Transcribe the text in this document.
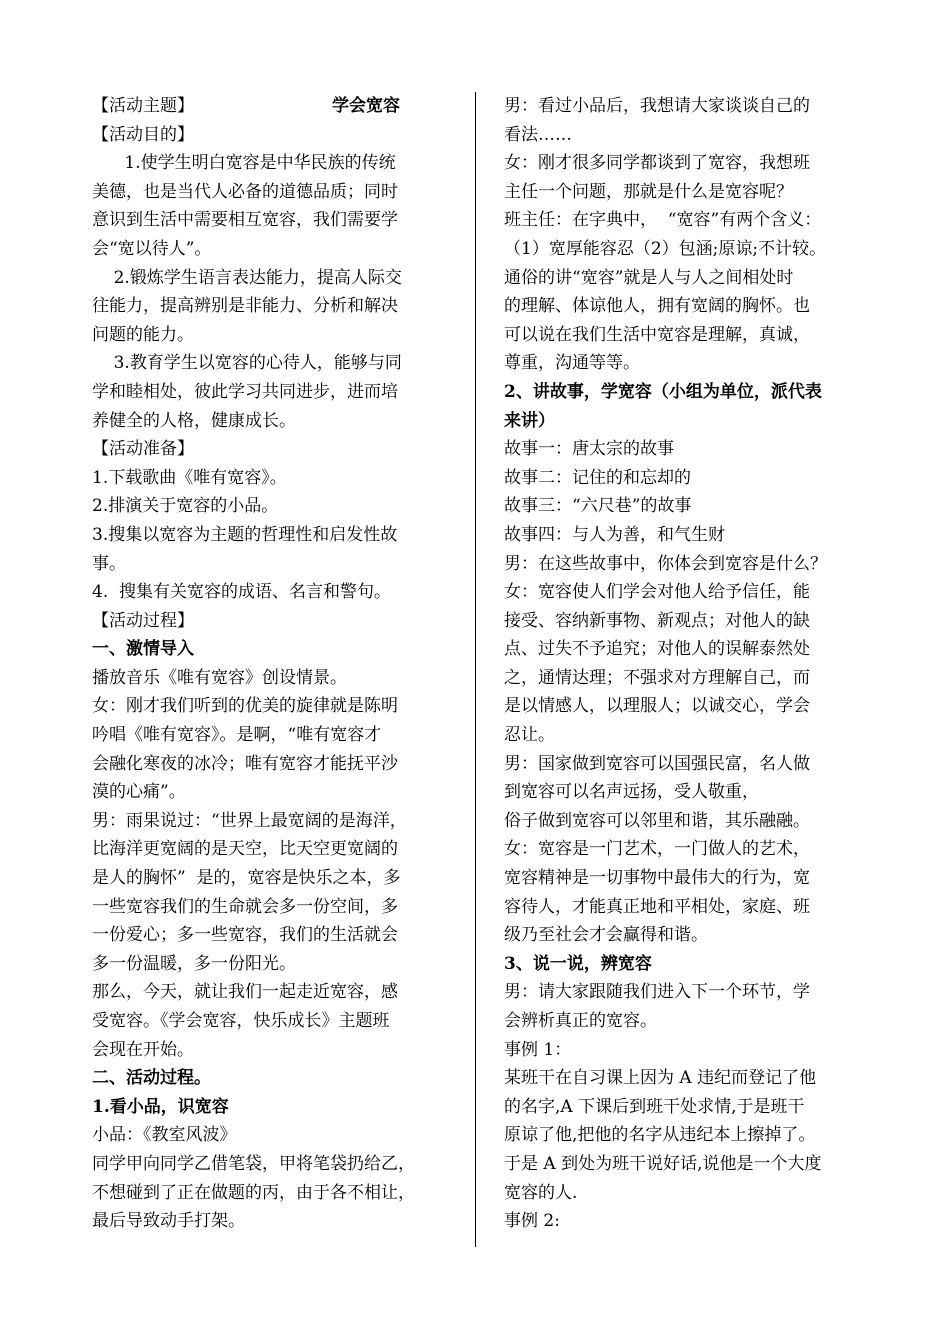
【活动主题】	学会宽容
【活动目的】
1.使学生明白宽容是中华民族的传统
美德，也是当代人必备的道德品质；同时
意识到生活中需要相互宽容，我们需要学
会“宽以待人”。
2.锻炼学生语言表达能力，提高人际交
往能力，提高辨别是非能力、分析和解决
问题的能力。
3.教育学生以宽容的心待人，能够与同
学和睦相处，彼此学习共同进步，进而培
养健全的人格，健康成长。
【活动准备】
1.下载歌曲《唯有宽容》。
2.排演关于宽容的小品。
3.搜集以宽容为主题的哲理性和启发性故
事。
4.  搜集有关宽容的成语、名言和警句。
【活动过程】
一、激情导入
播放音乐《唯有宽容》创设情景。
女：刚才我们听到的优美的旋律就是陈明
吟唱《唯有宽容》。是啊，“唯有宽容才
会融化寒夜的冰冷；唯有宽容才能抚平沙
漠的心痛”。
男：雨果说过：“世界上最宽阔的是海洋，
比海洋更宽阔的是天空，比天空更宽阔的
是人的胸怀”  是的，宽容是快乐之本，多
一些宽容我们的生命就会多一份空间，多
一份爱心；多一些宽容，我们的生活就会
多一份温暖，多一份阳光。
那么，今天，就让我们一起走近宽容，感
受宽容。《学会宽容，快乐成长》主题班
会现在开始。
二、活动过程。
1.看小品，识宽容
小品：《教室风波》
同学甲向同学乙借笔袋，甲将笔袋扔给乙，
不想碰到了正在做题的丙，由于各不相让，
最后导致动手打架。
男：看过小品后，我想请大家谈谈自己的
看法……
女：刚才很多同学都谈到了宽容，我想班
主任一个问题，那就是什么是宽容呢？
班主任：在字典中，  “宽容”有两个含义：
（1）宽厚能容忍（2）包涵;原谅;不计较。
通俗的讲“宽容”就是人与人之间相处时
的理解、体谅他人，拥有宽阔的胸怀。也
可以说在我们生活中宽容是理解，真诚，
尊重，沟通等等。
2、讲故事，学宽容（小组为单位，派代表
来讲）
故事一：唐太宗的故事
故事二：记住的和忘却的
故事三：“六尺巷”的故事
故事四：与人为善，和气生财
男：在这些故事中，你体会到宽容是什么？
女：宽容使人们学会对他人给予信任，能
接受、容纳新事物、新观点；对他人的缺
点、过失不予追究；对他人的误解泰然处
之，通情达理；不强求对方理解自己，而
是以情感人，以理服人；以诚交心，学会
忍让。
男：国家做到宽容可以国强民富，名人做
到宽容可以名声远扬，受人敬重，
俗子做到宽容可以邻里和谐，其乐融融。
女：宽容是一门艺术，一门做人的艺术，
宽容精神是一切事物中最伟大的行为，宽
容待人，才能真正地和平相处，家庭、班
级乃至社会才会赢得和谐。
3、说一说，辨宽容
男：请大家跟随我们进入下一个环节，学
会辨析真正的宽容。
事例 1：
某班干在自习课上因为 A 违纪而登记了他
的名字,A 下课后到班干处求情,于是班干
原谅了他,把他的名字从违纪本上擦掉了。
于是 A 到处为班干说好话,说他是一个大度
宽容的人.
事例 2:
